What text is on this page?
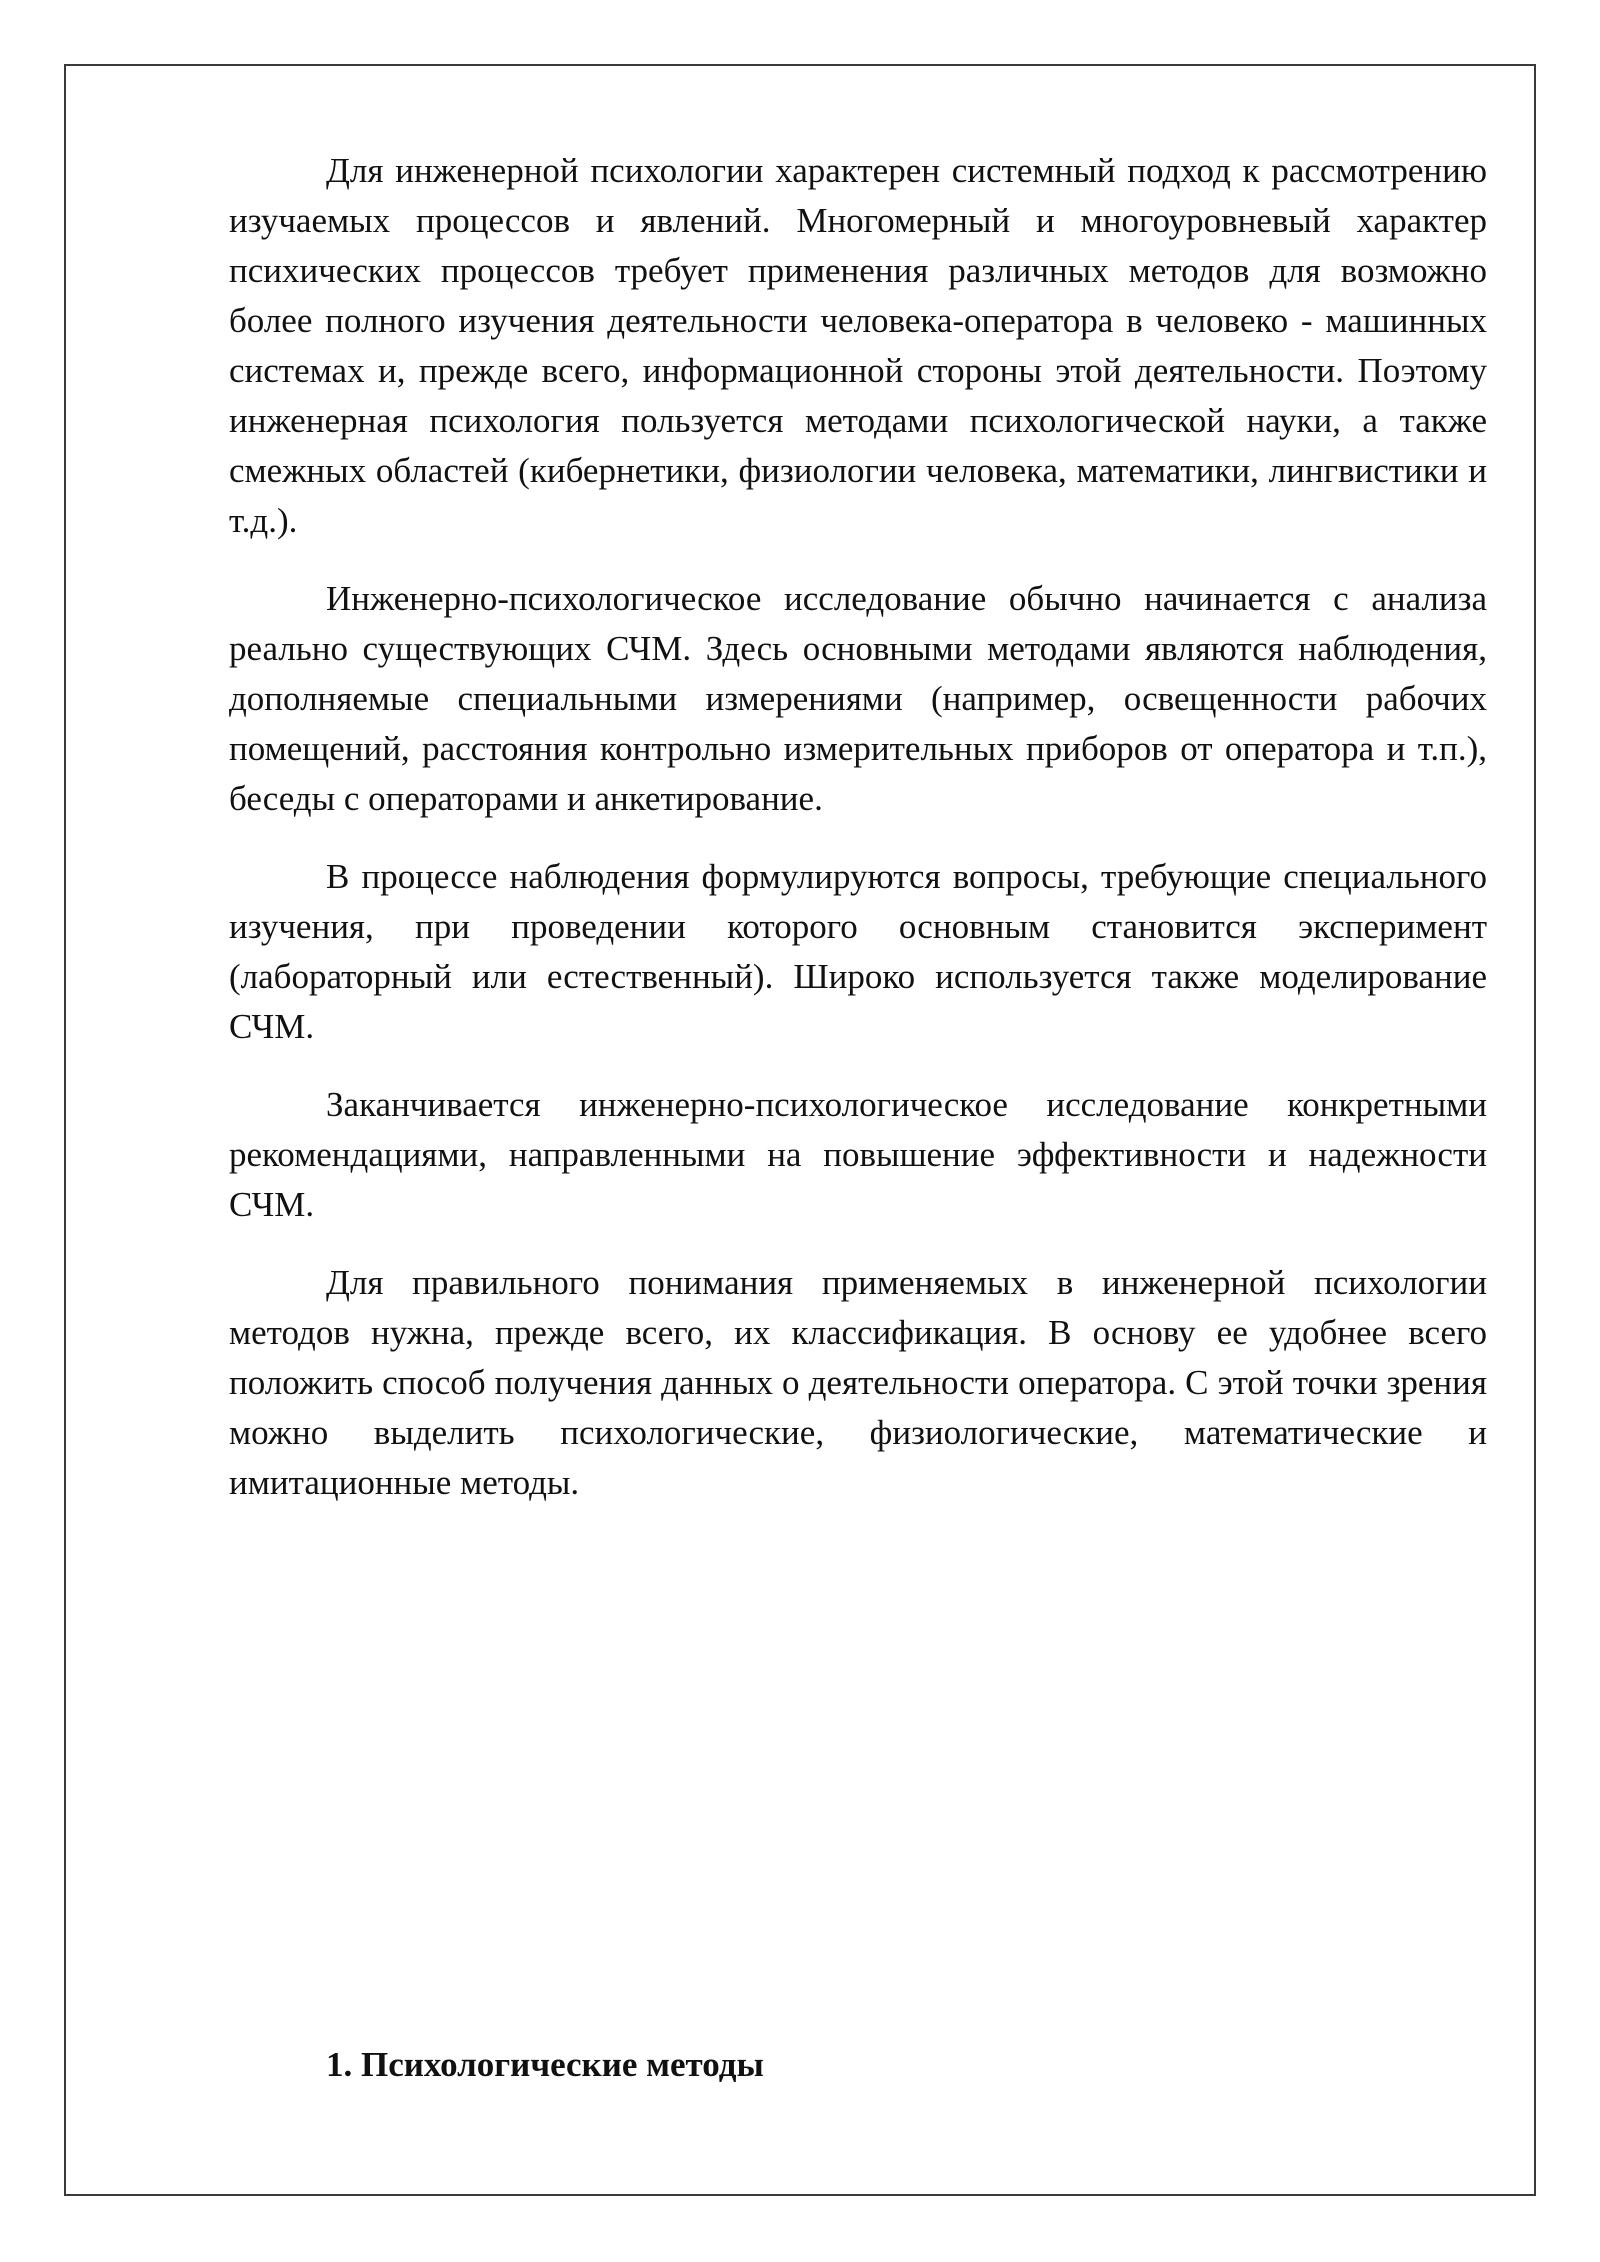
Для инженерной психологии характерен системный подход к рассмотрению изучаемых процессов и явлений. Многомерный и многоуровневый характер психических процессов требует применения различных методов для возможно более полного изучения деятельности человека-оператора в человеко - машинных системах и, прежде всего, информационной стороны этой деятельности. Поэтому инженерная психология пользуется методами психологической науки, а также смежных областей (кибернетики, физиологии человека, математики, лингвистики и т.д.).

Инженерно-психологическое исследование обычно начинается с анализа реально существующих СЧМ. Здесь основными методами являются наблюдения, дополняемые специальными измерениями (например, освещенности рабочих помещений, расстояния контрольно измерительных приборов от оператора и т.п.), беседы с операторами и анкетирование.

В процессе наблюдения формулируются вопросы, требующие специального изучения, при проведении которого основным становится эксперимент (лабораторный или естественный). Широко используется также моделирование СЧМ.

Заканчивается инженерно-психологическое исследование конкретными рекомендациями, направленными на повышение эффективности и надежности СЧМ.

Для правильного понимания применяемых в инженерной психологии методов нужна, прежде всего, их классификация. В основу ее удобнее всего положить способ получения данных о деятельности оператора. С этой точки зрения можно выделить психологические, физиологические, математические и имитационные методы.

1. Психологические методы
